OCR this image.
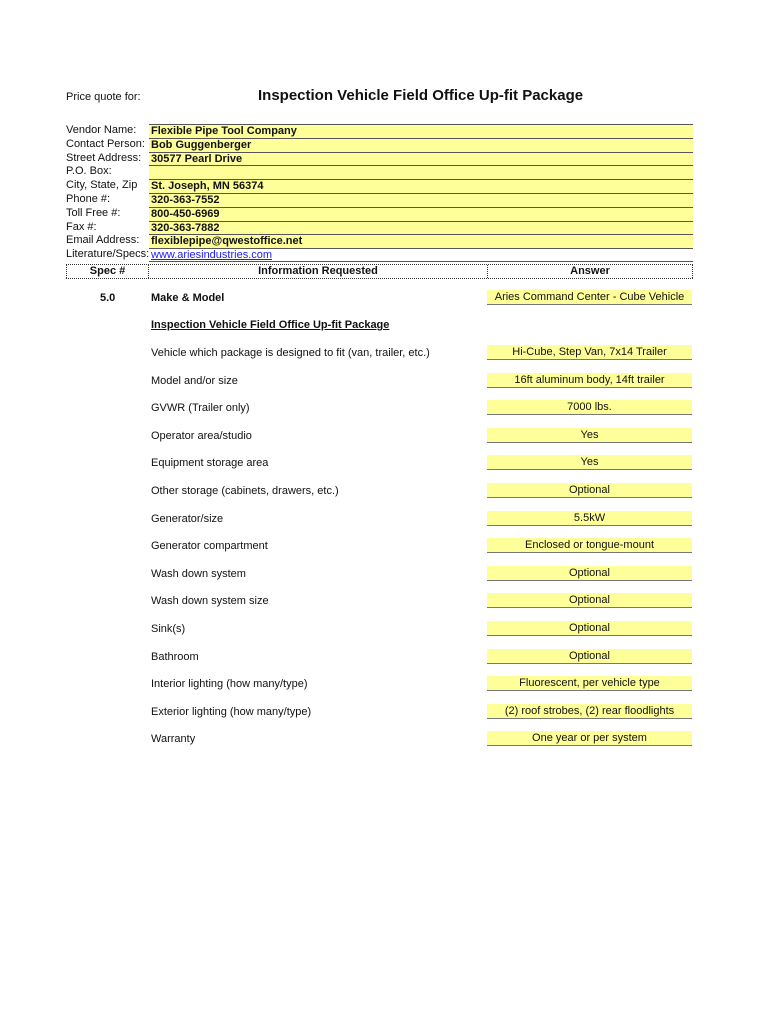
Price quote for:	Inspection Vehicle Field Office Up-fit Package
Vendor Name: Flexible Pipe Tool Company
Contact Person: Bob Guggenberger
Street Address: 30577 Pearl Drive
P.O. Box:
City, State, Zip St. Joseph, MN 56374
Phone #:	320-363-7552
Toll Free #:	800-450-6969
Fax #:	320-363-7882
Email Address: flexiblepipe@qwestoffice.net
Literature/Specs: www.ariesindustries.com
Spec #	Information Requested	Answer
5.0	Make & Model	Aries Command Center - Cube Vehicle
Inspection Vehicle Field Office Up-fit Package
Vehicle which package is designed to fit (van, trailer, etc.)	Hi-Cube, Step Van, 7x14 Trailer
Model and/or size	16ft aluminum body, 14ft trailer
GVWR (Trailer only)	7000 lbs.
Operator area/studio	Yes
Equipment storage area	Yes
Other storage (cabinets, drawers, etc.)	Optional
Generator/size	5.5kW
Generator compartment	Enclosed or tongue-mount
Wash down system	Optional
Wash down system size	Optional
Sink(s)	Optional
Bathroom	Optional
Interior lighting (how many/type)	Fluorescent, per vehicle type
Exterior lighting (how many/type)	(2) roof strobes, (2) rear floodlights
Warranty	One year or per system
